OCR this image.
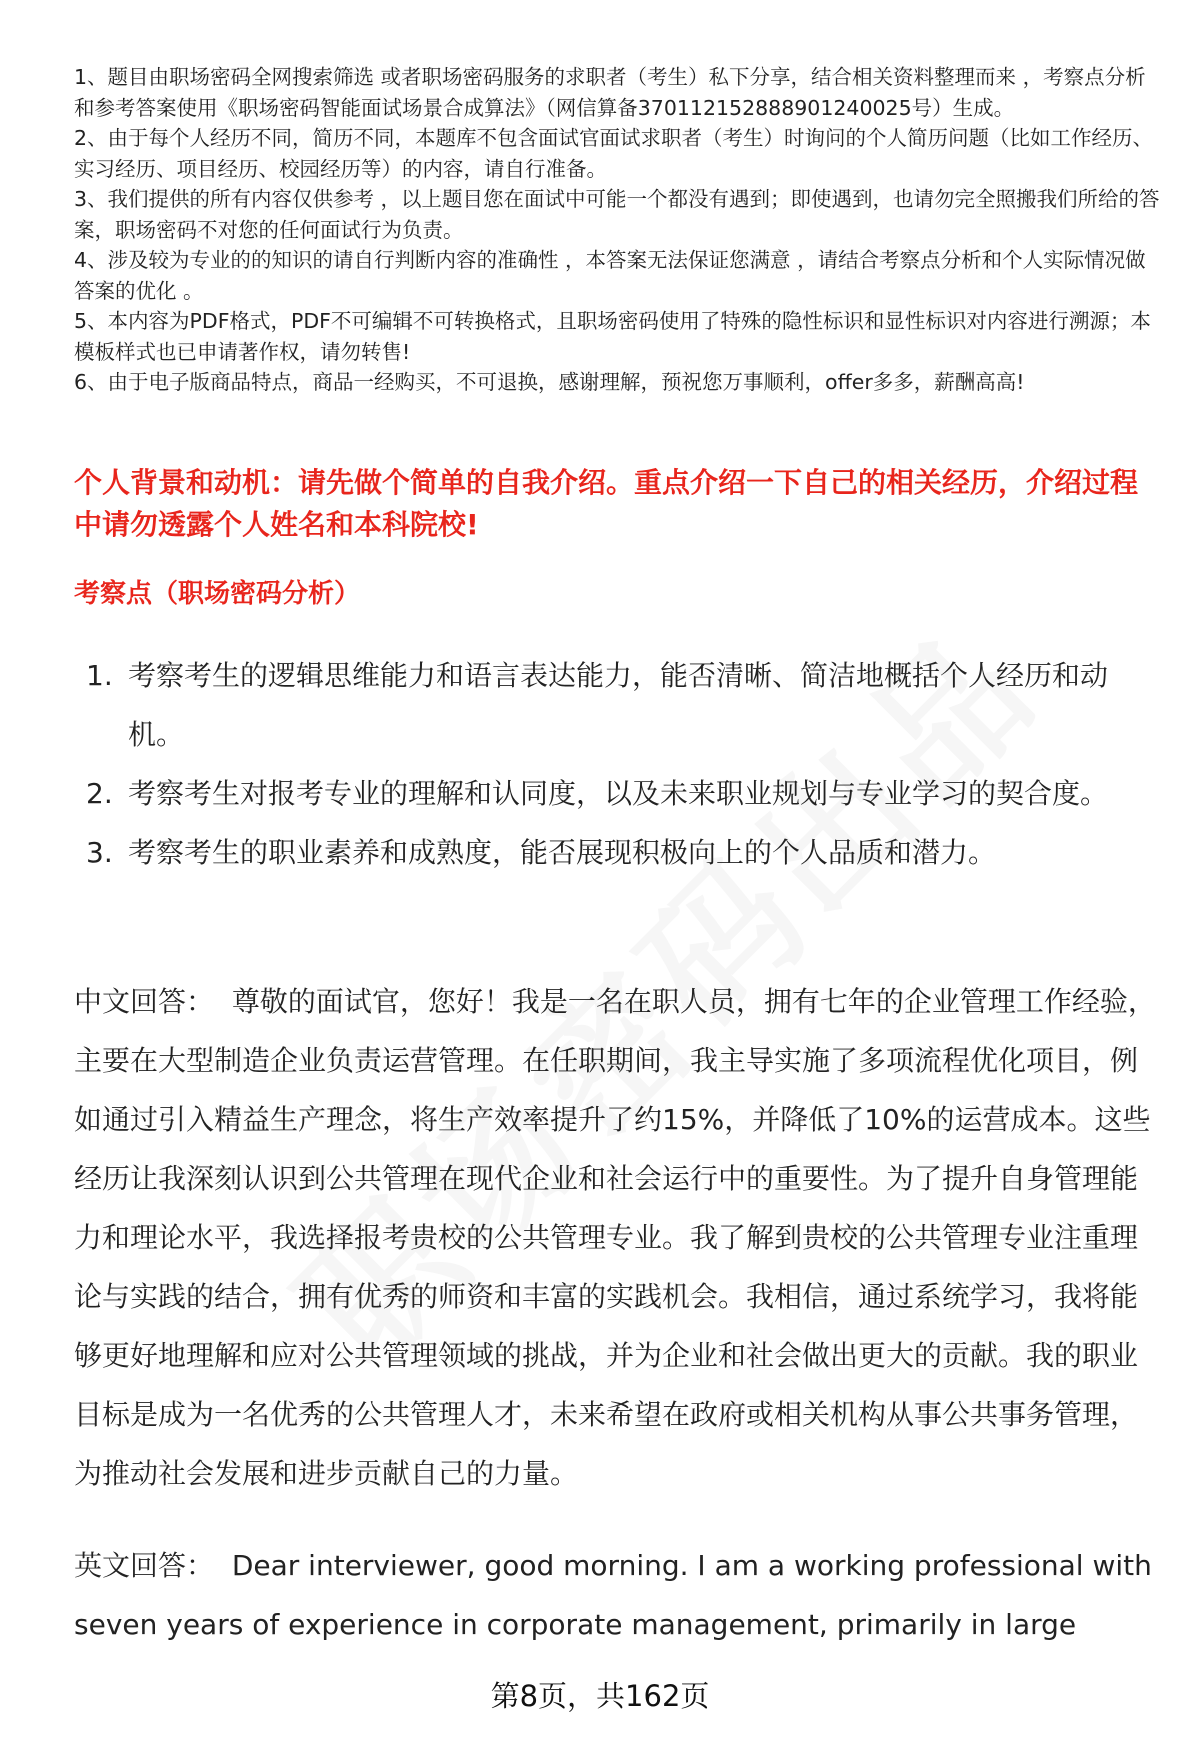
1、题目由职场密码全网搜索筛选 或者职场密码服务的求职者（考生）私下分享，结合相关资料整理而来 ，考察点分析和参考答案使用《职场密码智能面试场景合成算法》（网信算备370112152888901240025号）生成。

2、由于每个人经历不同，简历不同，本题库不包含面试官面试求职者（考生）时询问的个人简历问题（比如工作经历、实习经历、项目经历、校园经历等）的内容，请自行准备。

3、我们提供的所有内容仅供参考 ，以上题目您在面试中可能一个都没有遇到；即使遇到，也请勿完全照搬我们所给的答案，职场密码不对您的任何面试行为负责。

4、涉及较为专业的的知识的请自行判断内容的准确性 ，本答案无法保证您满意 ，请结合考察点分析和个人实际情况做答案的优化 。

5、本内容为PDF格式，PDF不可编辑不可转换格式，且职场密码使用了特殊的隐性标识和显性标识对内容进行溯源；本模板样式也已申请著作权，请勿转售!

6、由于电子版商品特点，商品一经购买，不可退换，感谢理解，预祝您万事顺利，offer多多，薪酬高高!

个人背景和动机：请先做个简单的自我介绍。重点介绍一下自己的相关经历，介绍过程中请勿透露个人姓名和本科院校!
考察点（职场密码分析）
1. 考察考生的逻辑思维能力和语言表达能力，能否清晰、简洁地概括个人经历和动机。
2. 考察考生对报考专业的理解和认同度，以及未来职业规划与专业学习的契合度。
3. 考察考生的职业素养和成熟度，能否展现积极向上的个人品质和潜力。

中文回答： 尊敬的面试官，您好！我是一名在职人员，拥有七年的企业管理工作经验，主要在大型制造企业负责运营管理。在任职期间，我主导实施了多项流程优化项目，例如通过引入精益生产理念，将生产效率提升了约15%，并降低了10%的运营成本。这些经历让我深刻认识到公共管理在现代企业和社会运行中的重要性。为了提升自身管理能力和理论水平，我选择报考贵校的公共管理专业。我了解到贵校的公共管理专业注重理论与实践的结合，拥有优秀的师资和丰富的实践机会。我相信，通过系统学习，我将能够更好地理解和应对公共管理领域的挑战，并为企业和社会做出更大的贡献。我的职业目标是成为一名优秀的公共管理人才，未来希望在政府或相关机构从事公共事务管理，为推动社会发展和进步贡献自己的力量。

英文回答： Dear interviewer, good morning. I am a working professional with seven years of experience in corporate management, primarily in large

第8页，共162页
